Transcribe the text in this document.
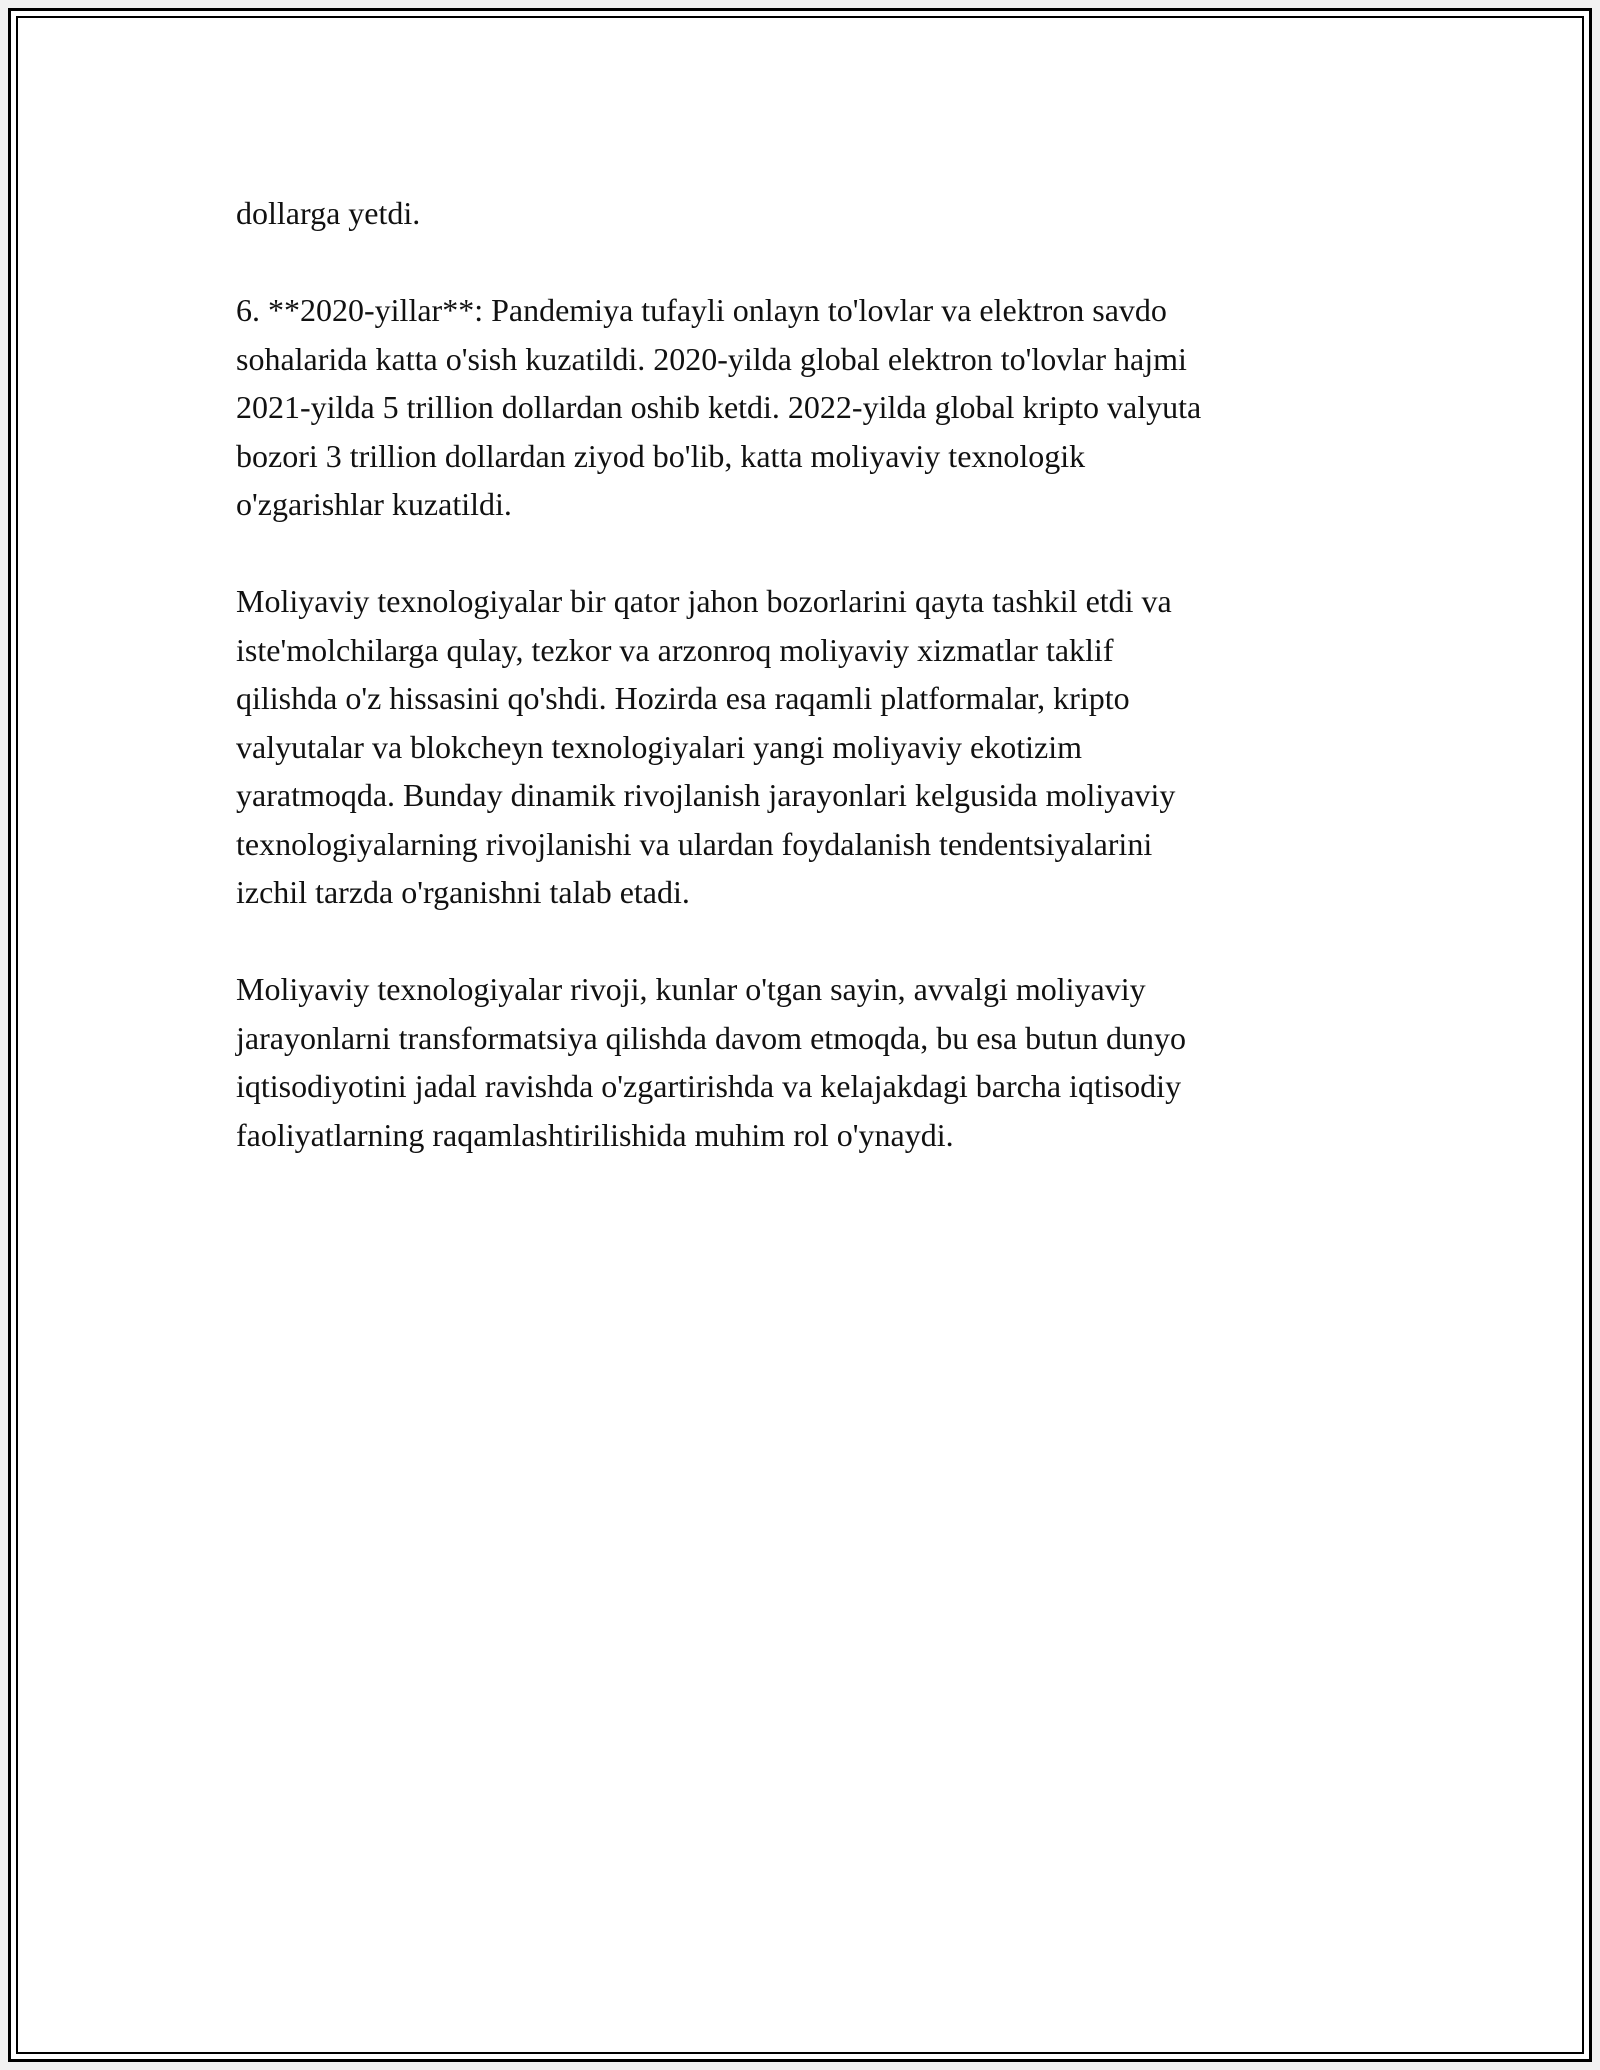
dollarga yetdi.

6. **2020-yillar**: Pandemiya tufayli onlayn to'lovlar va elektron savdo
sohalarida katta o'sish kuzatildi. 2020-yilda global elektron to'lovlar hajmi
2021-yilda 5 trillion dollardan oshib ketdi. 2022-yilda global kripto valyuta
bozori 3 trillion dollardan ziyod bo'lib, katta moliyaviy texnologik
o'zgarishlar kuzatildi.

Moliyaviy texnologiyalar bir qator jahon bozorlarini qayta tashkil etdi va
iste'molchilarga qulay, tezkor va arzonroq moliyaviy xizmatlar taklif
qilishda o'z hissasini qo'shdi. Hozirda esa raqamli platformalar, kripto
valyutalar va blokcheyn texnologiyalari yangi moliyaviy ekotizim
yaratmoqda. Bunday dinamik rivojlanish jarayonlari kelgusida moliyaviy
texnologiyalarning rivojlanishi va ulardan foydalanish tendentsiyalarini
izchil tarzda o'rganishni talab etadi.

Moliyaviy texnologiyalar rivoji, kunlar o'tgan sayin, avvalgi moliyaviy
jarayonlarni transformatsiya qilishda davom etmoqda, bu esa butun dunyo
iqtisodiyotini jadal ravishda o'zgartirishda va kelajakdagi barcha iqtisodiy
faoliyatlarning raqamlashtirilishida muhim rol o'ynaydi.
